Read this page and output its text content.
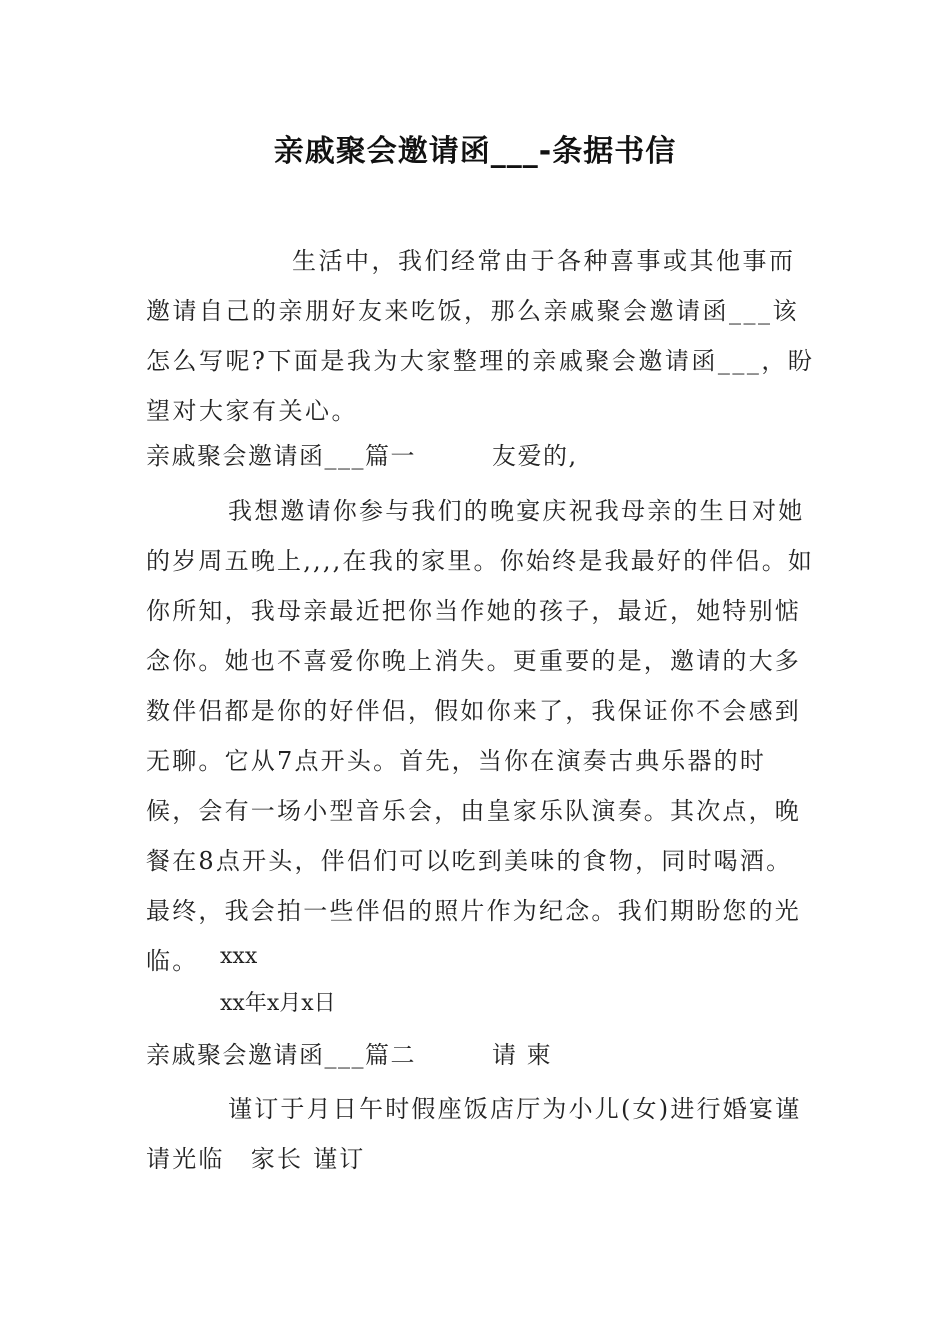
亲戚聚会邀请函___-条据书信
生活中，我们经常由于各种喜事或其他事而邀请自己的亲朋好友来吃饭，那么亲戚聚会邀请函___该怎么写呢?下面是我为大家整理的亲戚聚会邀请函___，盼望对大家有关心。
亲戚聚会邀请函___篇一	友爱的,
我想邀请你参与我们的晚宴庆祝我母亲的生日对她的岁周五晚上,,,,在我的家里。你始终是我最好的伴侣。如你所知，我母亲最近把你当作她的孩子，最近，她特别惦念你。她也不喜爱你晚上消失。更重要的是，邀请的大多数伴侣都是你的好伴侣，假如你来了，我保证你不会感到无聊。它从7点开头。首先，当你在演奏古典乐器的时候，会有一场小型音乐会，由皇家乐队演奏。其次点，晚餐在8点开头，伴侣们可以吃到美味的食物，同时喝酒。最终，我会拍一些伴侣的照片作为纪念。我们期盼您的光临。 xxx
xx年x月x日
亲戚聚会邀请函___篇二	请 柬
谨订于月日午时假座饭店厅为小儿(女)进行婚宴谨请光临　家长 谨订
